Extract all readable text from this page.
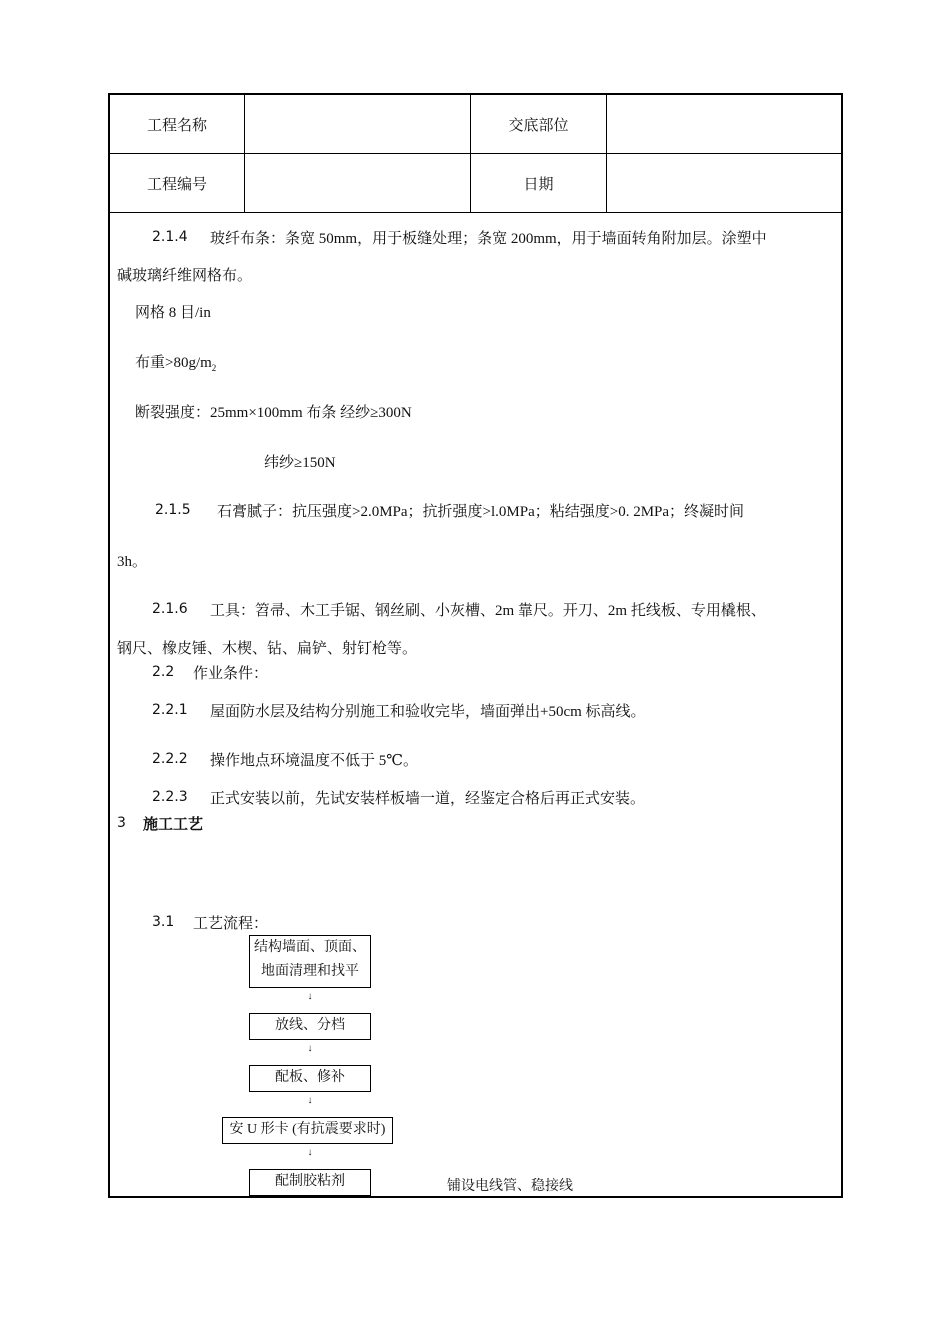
工程名称	交底部位
工程编号	日期
2.1.4 玻纤布条：条宽 50mm，用于板缝处理；条宽 200mm，用于墙面转角附加层。涂塑中
碱玻璃纤维网格布。
网格 8 目/in
布重$>80g/m_2$
断裂强度：25mm×100mm 布条 经纱≥300N
纬纱≥150N
2.1.5 石膏腻子：抗压强度>2.0MPa；抗折强度>l.0MPa；粘结强度>0. 2MPa；终凝时间
3h。
2.1.6 工具：笤帚、木工手锯、钢丝刷、小灰槽、2m 靠尺。开刀、2m 托线板、专用橇根、
钢尺、橡皮锤、木楔、钻、扁铲、射钉枪等。
2.2 作业条件：
2.2.1 屋面防水层及结构分别施工和验收完毕，墙面弹出+50cm 标高线。
2.2.2 操作地点环境温度不低于 5℃。
2.2.3 正式安装以前，先试安装样板墙一道，经鉴定合格后再正式安装。
3 施工工艺
3.1 工艺流程：
结构墙面、顶面、
地面清理和找平
↓
放线、分档
↓
配板、修补
↓
安 U 形卡 (有抗震要求时)
↓
配制胶粘剂	铺设电线管、稳接线
